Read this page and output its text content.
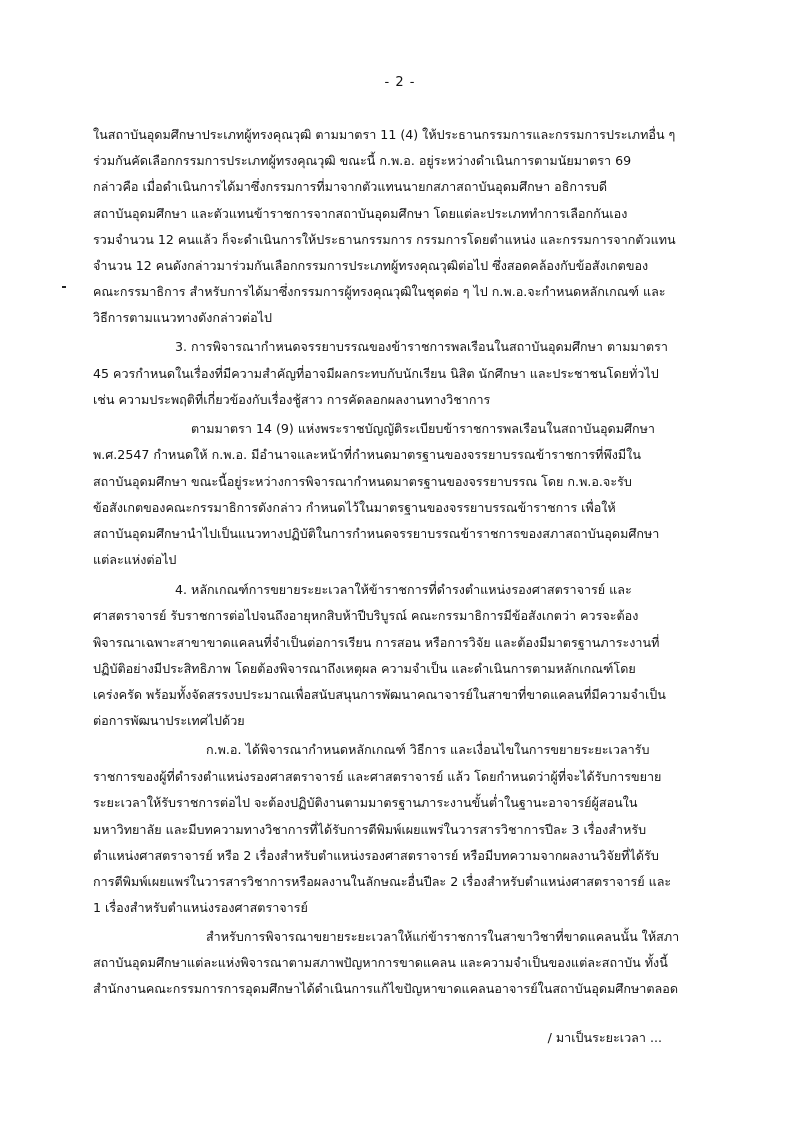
- 2 -
ในสถาบันอุดมศึกษาประเภทผู้ทรงคุณวุฒิ ตามมาตรา 11 (4) ให้ประธานกรรมการและกรรมการประเภทอื่น ๆ
ร่วมกันคัดเลือกกรรมการประเภทผู้ทรงคุณวุฒิ ขณะนี้ ก.พ.อ. อยู่ระหว่างดำเนินการตามนัยมาตรา 69
กล่าวคือ เมื่อดำเนินการได้มาซึ่งกรรมการที่มาจากตัวแทนนายกสภาสถาบันอุดมศึกษา อธิการบดี
สถาบันอุดมศึกษา และตัวแทนข้าราชการจากสถาบันอุดมศึกษา โดยแต่ละประเภททำการเลือกกันเอง
รวมจำนวน 12 คนแล้ว ก็จะดำเนินการให้ประธานกรรมการ กรรมการโดยตำแหน่ง และกรรมการจากตัวแทน
จำนวน 12 คนดังกล่าวมาร่วมกันเลือกกรรมการประเภทผู้ทรงคุณวุฒิต่อไป ซึ่งสอดคล้องกับข้อสังเกตของ
คณะกรรมาธิการ สำหรับการได้มาซึ่งกรรมการผู้ทรงคุณวุฒิในชุดต่อ ๆ ไป ก.พ.อ.จะกำหนดหลักเกณฑ์ และ
วิธีการตามแนวทางดังกล่าวต่อไป
3. การพิจารณากำหนดจรรยาบรรณของข้าราชการพลเรือนในสถาบันอุดมศึกษา ตามมาตรา
45 ควรกำหนดในเรื่องที่มีความสำคัญที่อาจมีผลกระทบกับนักเรียน นิสิต นักศึกษา และประชาชนโดยทั่วไป
เช่น ความประพฤติที่เกี่ยวข้องกับเรื่องชู้สาว การคัดลอกผลงานทางวิชาการ
ตามมาตรา 14 (9) แห่งพระราชบัญญัติระเบียบข้าราชการพลเรือนในสถาบันอุดมศึกษา
พ.ศ.2547 กำหนดให้ ก.พ.อ. มีอำนาจและหน้าที่กำหนดมาตรฐานของจรรยาบรรณข้าราชการที่พึงมีใน
สถาบันอุดมศึกษา ขณะนี้อยู่ระหว่างการพิจารณากำหนดมาตรฐานของจรรยาบรรณ โดย ก.พ.อ.จะรับ
ข้อสังเกตของคณะกรรมาธิการดังกล่าว กำหนดไว้ในมาตรฐานของจรรยาบรรณข้าราชการ เพื่อให้
สถาบันอุดมศึกษานำไปเป็นแนวทางปฏิบัติในการกำหนดจรรยาบรรณข้าราชการของสภาสถาบันอุดมศึกษา
แต่ละแห่งต่อไป
4. หลักเกณฑ์การขยายระยะเวลาให้ข้าราชการที่ดำรงตำแหน่งรองศาสตราจารย์ และ
ศาสตราจารย์ รับราชการต่อไปจนถึงอายุหกสิบห้าปีบริบูรณ์ คณะกรรมาธิการมีข้อสังเกตว่า ควรจะต้อง
พิจารณาเฉพาะสาขาขาดแคลนที่จำเป็นต่อการเรียน การสอน หรือการวิจัย และต้องมีมาตรฐานภาระงานที่
ปฏิบัติอย่างมีประสิทธิภาพ โดยต้องพิจารณาถึงเหตุผล ความจำเป็น และดำเนินการตามหลักเกณฑ์โดย
เคร่งครัด พร้อมทั้งจัดสรรงบประมาณเพื่อสนับสนุนการพัฒนาคณาจารย์ในสาขาที่ขาดแคลนที่มีความจำเป็น
ต่อการพัฒนาประเทศไปด้วย
ก.พ.อ. ได้พิจารณากำหนดหลักเกณฑ์ วิธีการ และเงื่อนไขในการขยายระยะเวลารับ
ราชการของผู้ที่ดำรงตำแหน่งรองศาสตราจารย์ และศาสตราจารย์ แล้ว โดยกำหนดว่าผู้ที่จะได้รับการขยาย
ระยะเวลาให้รับราชการต่อไป จะต้องปฏิบัติงานตามมาตรฐานภาระงานขั้นต่ำในฐานะอาจารย์ผู้สอนใน
มหาวิทยาลัย และมีบทความทางวิชาการที่ได้รับการตีพิมพ์เผยแพร่ในวารสารวิชาการปีละ 3 เรื่องสำหรับ
ตำแหน่งศาสตราจารย์ หรือ 2 เรื่องสำหรับตำแหน่งรองศาสตราจารย์ หรือมีบทความจากผลงานวิจัยที่ได้รับ
การตีพิมพ์เผยแพร่ในวารสารวิชาการหรือผลงานในลักษณะอื่นปีละ 2 เรื่องสำหรับตำแหน่งศาสตราจารย์ และ
1 เรื่องสำหรับตำแหน่งรองศาสตราจารย์
สำหรับการพิจารณาขยายระยะเวลาให้แก่ข้าราชการในสาขาวิชาที่ขาดแคลนนั้น ให้สภา
สถาบันอุดมศึกษาแต่ละแห่งพิจารณาตามสภาพปัญหาการขาดแคลน และความจำเป็นของแต่ละสถาบัน ทั้งนี้
สำนักงานคณะกรรมการการอุดมศึกษาได้ดำเนินการแก้ไขปัญหาขาดแคลนอาจารย์ในสถาบันอุดมศึกษาตลอด
/ มาเป็นระยะเวลา ...
